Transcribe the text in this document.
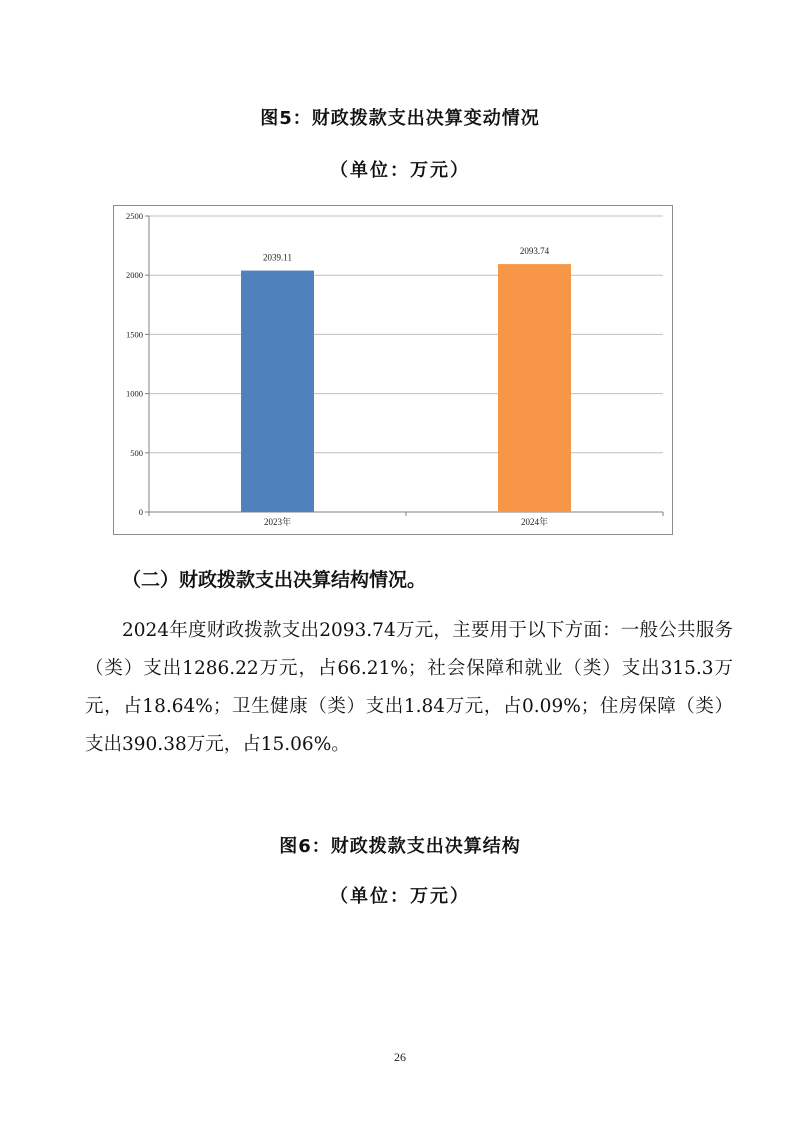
图5：财政拨款支出决算变动情况
（单位：万元）
0
500
1000
1500
2000
2500
2039.11
2023年
2093.74
2024年
（二）财政拨款支出决算结构情况。
2024年度财政拨款支出2093.74万元，主要用于以下方面：一般公共服务（类）支出1286.22万元，占66.21%；社会保障和就业（类）支出315.3万元，占18.64%；卫生健康（类）支出1.84万元，占0.09%；住房保障（类）支出390.38万元，占15.06%。
图6：财政拨款支出决算结构
（单位：万元）
26
